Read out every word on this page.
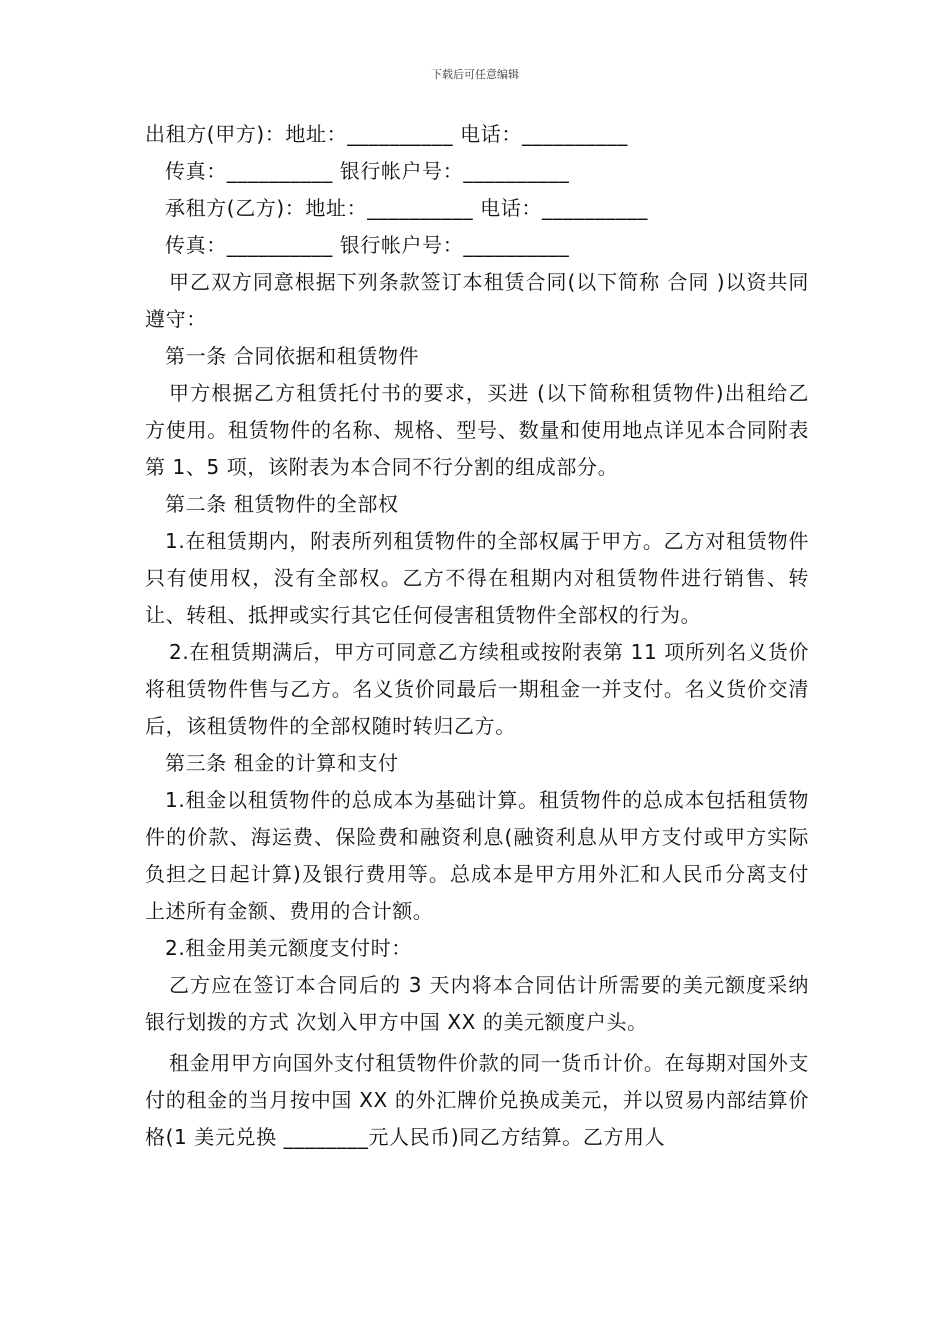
下载后可任意编辑

出租方(甲方)：地址：__________ 电话：__________

传真：__________ 银行帐户号：__________

承租方(乙方)：地址：__________ 电话：__________

传真：__________ 银行帐户号：__________

甲乙双方同意根据下列条款签订本租赁合同(以下简称 合同 )以资共同遵守：

第一条 合同依据和租赁物件

甲方根据乙方租赁托付书的要求，买进 (以下简称租赁物件)出租给乙方使用。租赁物件的名称、规格、型号、数量和使用地点详见本合同附表第 1、5 项，该附表为本合同不行分割的组成部分。

第二条 租赁物件的全部权

1.在租赁期内，附表所列租赁物件的全部权属于甲方。乙方对租赁物件只有使用权，没有全部权。乙方不得在租期内对租赁物件进行销售、转让、转租、抵押或实行其它任何侵害租赁物件全部权的行为。

2.在租赁期满后，甲方可同意乙方续租或按附表第 11 项所列名义货价将租赁物件售与乙方。名义货价同最后一期租金一并支付。名义货价交清后，该租赁物件的全部权随时转归乙方。

第三条 租金的计算和支付

1.租金以租赁物件的总成本为基础计算。租赁物件的总成本包括租赁物件的价款、海运费、保险费和融资利息(融资利息从甲方支付或甲方实际负担之日起计算)及银行费用等。总成本是甲方用外汇和人民币分离支付上述所有金额、费用的合计额。

2.租金用美元额度支付时：

乙方应在签订本合同后的 3 天内将本合同估计所需要的美元额度采纳银行划拨的方式 次划入甲方中国 XX 的美元额度户头。

租金用甲方向国外支付租赁物件价款的同一货币计价。在每期对国外支付的租金的当月按中国 XX 的外汇牌价兑换成美元，并以贸易内部结算价格(1 美元兑换 ________元人民币)同乙方结算。乙方用人
